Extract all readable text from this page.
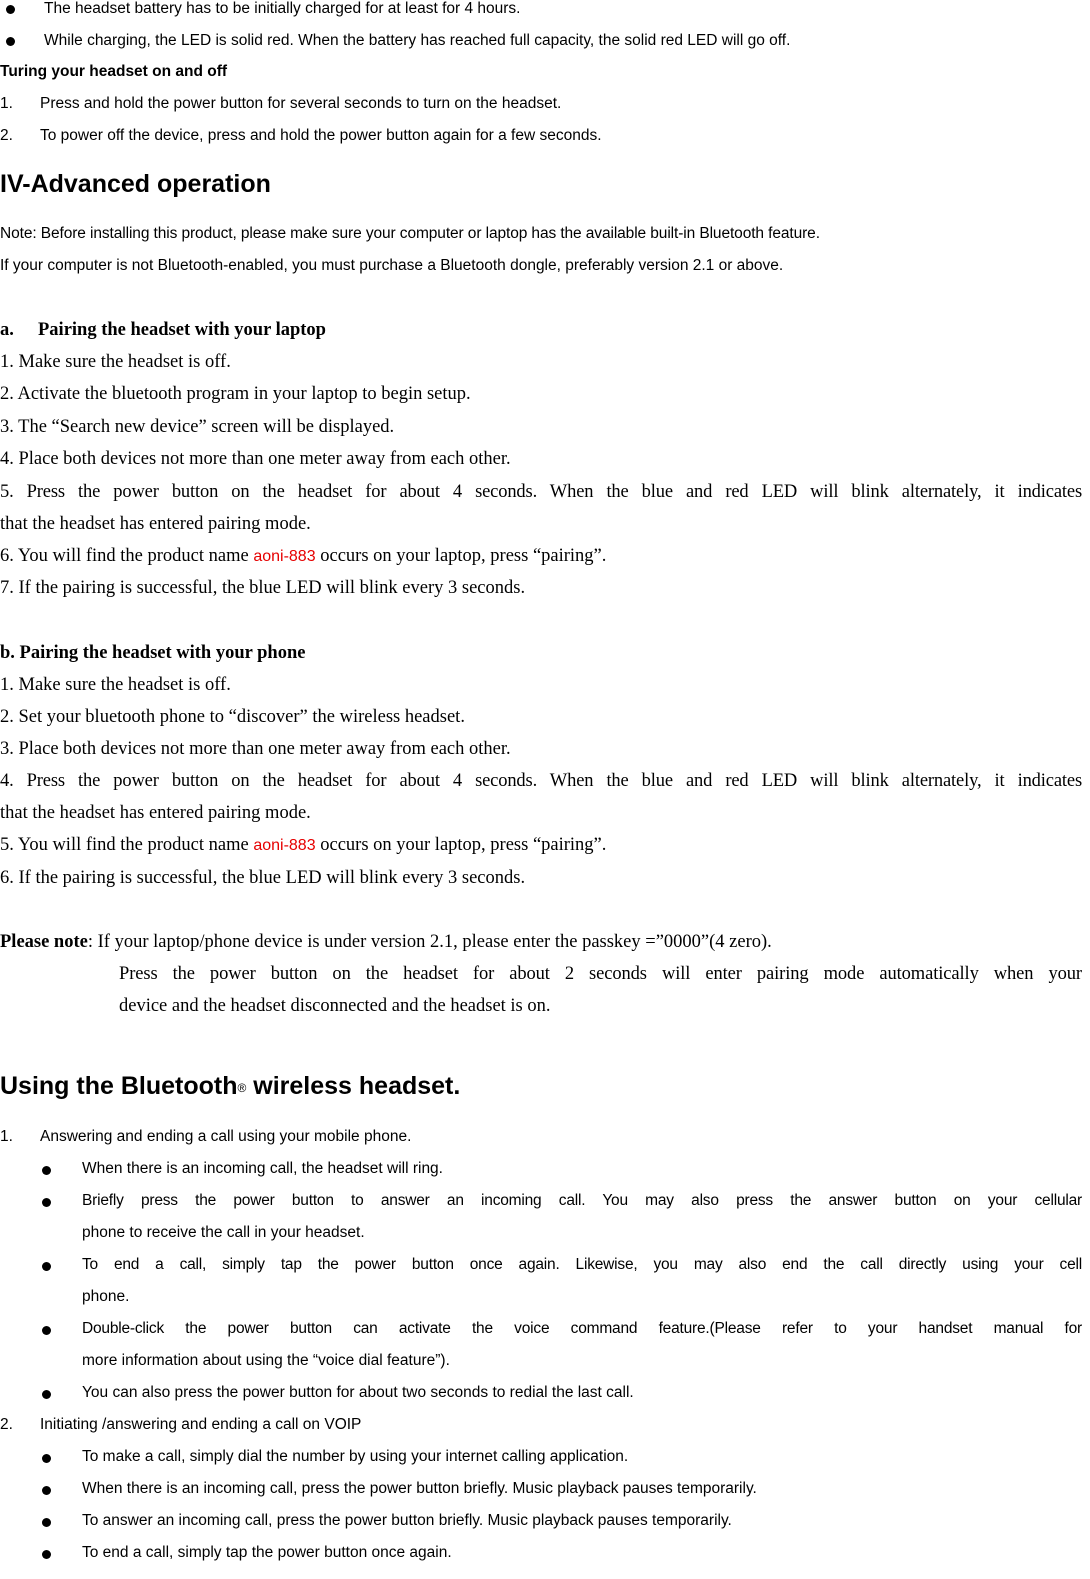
The headset battery has to be initially charged for at least for 4 hours.
While charging, the LED is solid red. When the battery has reached full capacity, the solid red LED will go off.
Turing your headset on and off
1.	Press and hold the power button for several seconds to turn on the headset.
2.	To power off the device, press and hold the power button again for a few seconds.
IV-Advanced operation
Note: Before installing this product, please make sure your computer or laptop has the available built-in Bluetooth feature.
If your computer is not Bluetooth-enabled, you must purchase a Bluetooth dongle, preferably version 2.1 or above.
a.	Pairing the headset with your laptop
1. Make sure the headset is off.
2. Activate the bluetooth program in your laptop to begin setup.
3. The “Search new device” screen will be displayed.
4. Place both devices not more than one meter away from each other.
5. Press the power button on the headset for about 4 seconds. When the blue and red LED will blink alternately, it indicates
that the headset has entered pairing mode.
6. You will find the product name aoni-883 occurs on your laptop, press “pairing”.
7. If the pairing is successful, the blue LED will blink every 3 seconds.
b. Pairing the headset with your phone
1. Make sure the headset is off.
2. Set your bluetooth phone to “discover” the wireless headset.
3. Place both devices not more than one meter away from each other.
4. Press the power button on the headset for about 4 seconds. When the blue and red LED will blink alternately, it indicates
that the headset has entered pairing mode.
5. You will find the product name aoni-883 occurs on your laptop, press “pairing”.
6. If the pairing is successful, the blue LED will blink every 3 seconds.
Please note: If your laptop/phone device is under version 2.1, please enter the passkey =”0000”(4 zero).
Press the power button on the headset for about 2 seconds will enter pairing mode automatically when your
device and the headset disconnected and the headset is on.
Using the Bluetooth® wireless headset.
1.	Answering and ending a call using your mobile phone.
When there is an incoming call, the headset will ring.
Briefly press the power button to answer an incoming call. You may also press the answer button on your cellular
phone to receive the call in your headset.
To end a call, simply tap the power button once again. Likewise, you may also end the call directly using your cell
phone.
Double-click the power button can activate the voice command feature.(Please refer to your handset manual for
more information about using the “voice dial feature”).
You can also press the power button for about two seconds to redial the last call.
2.	Initiating /answering and ending a call on VOIP
To make a call, simply dial the number by using your internet calling application.
When there is an incoming call, press the power button briefly. Music playback pauses temporarily.
To answer an incoming call, press the power button briefly. Music playback pauses temporarily.
To end a call, simply tap the power button once again.
